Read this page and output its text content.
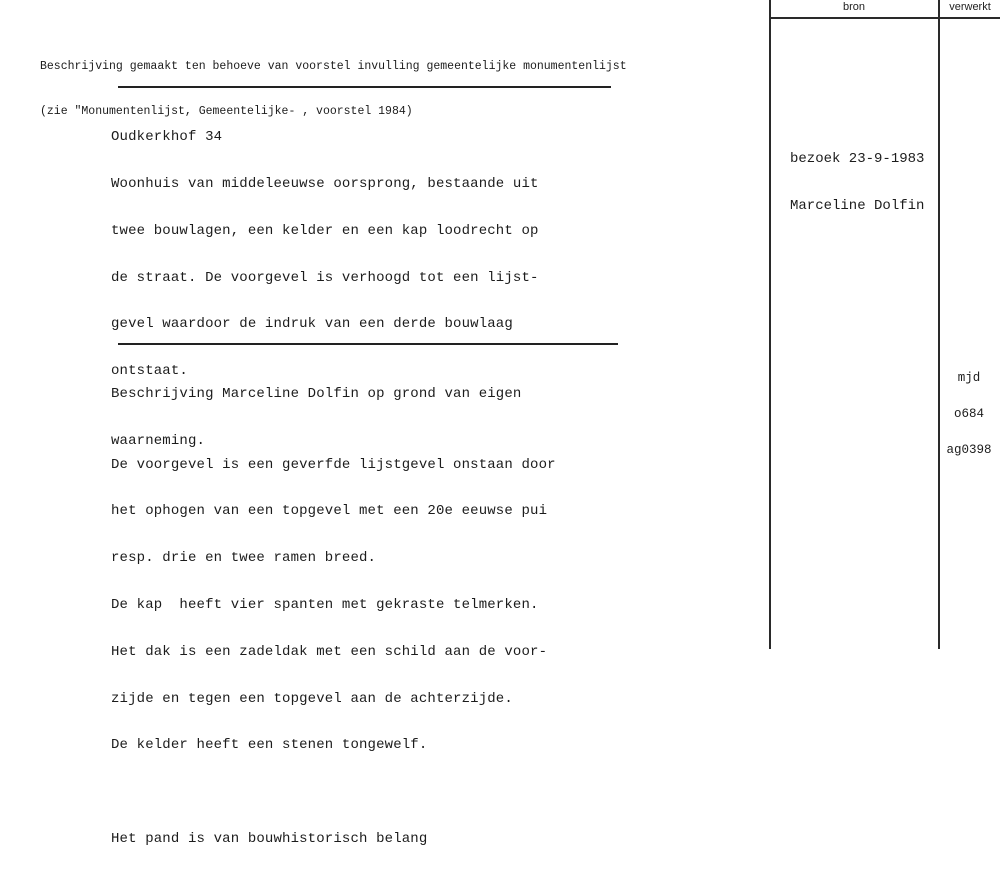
bron	verwerkt

Beschrijving gemaakt ten behoeve van voorstel invulling gemeentelijke monumentenlijst

(zie "Monumentenlijst, Gemeentelijke- , voorstel 1984)

Oudkerkhof 34

Woonhuis van middeleeuwse oorsprong, bestaande uit

twee bouwlagen, een kelder en een kap loodrecht op

de straat. De voorgevel is verhoogd tot een lijst-

gevel waardoor de indruk van een derde bouwlaag

ontstaat.

De voorgevel is een geverfde lijstgevel onstaan door

het ophogen van een topgevel met een 20e eeuwse pui

resp. drie en twee ramen breed.

De kap  heeft vier spanten met gekraste telmerken.

Het dak is een zadeldak met een schild aan de voor-

zijde en tegen een topgevel aan de achterzijde.

De kelder heeft een stenen tongewelf.

Het pand is van bouwhistorisch belang

Beschrijving Marceline Dolfin op grond van eigen

waarneming.

bezoek 23-9-1983

Marceline Dolfin

mjd

o684

ag0398
